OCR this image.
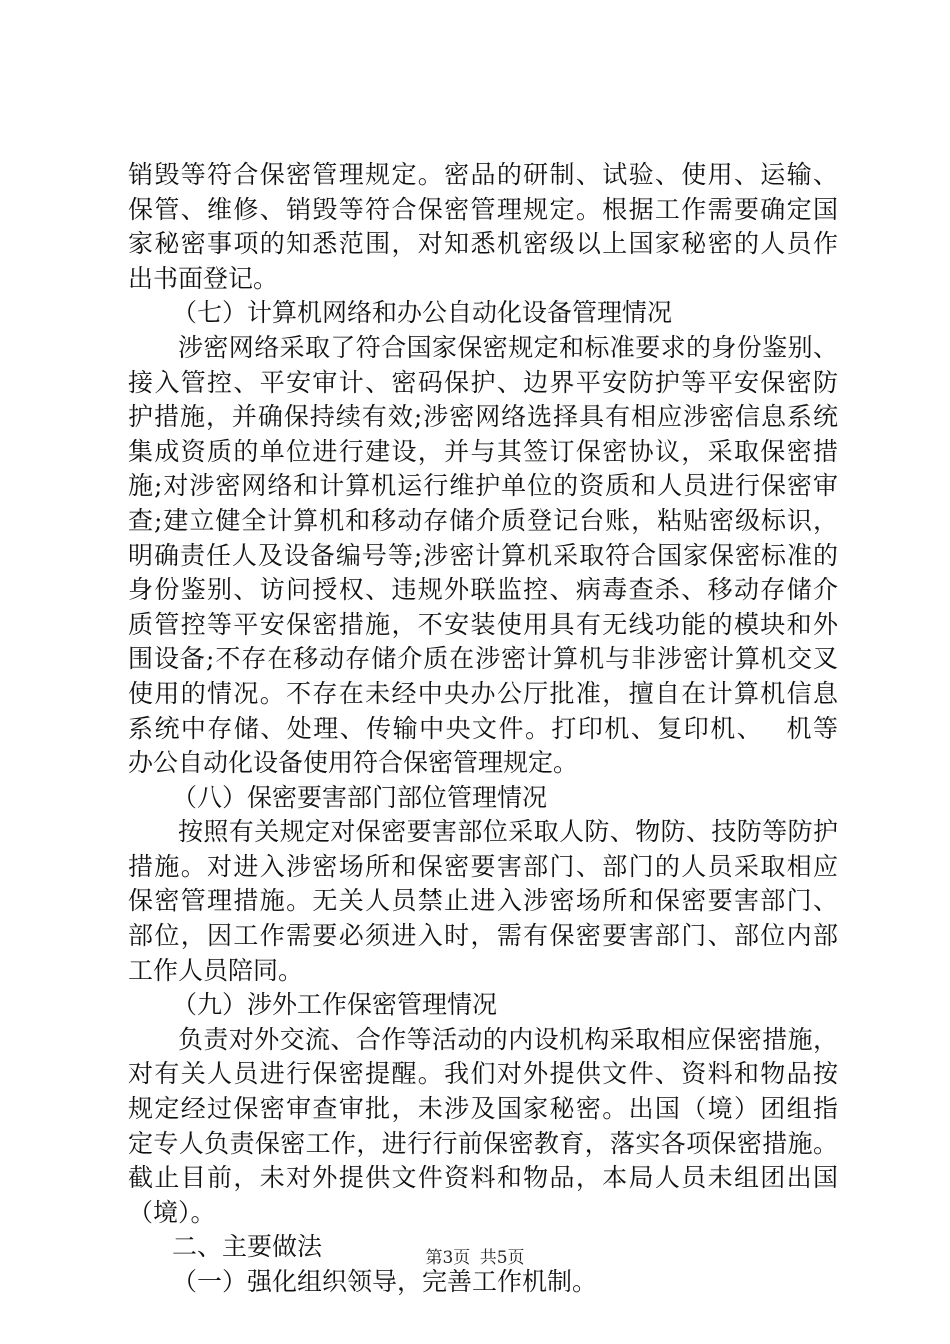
销毁等符合保密管理规定。密品的研制、试验、使用、运输、
保管、维修、销毁等符合保密管理规定。根据工作需要确定国
家秘密事项的知悉范围，对知悉机密级以上国家秘密的人员作
出书面登记。
（七）计算机网络和办公自动化设备管理情况
涉密网络采取了符合国家保密规定和标准要求的身份鉴别、
接入管控、平安审计、密码保护、边界平安防护等平安保密防
护措施，并确保持续有效;涉密网络选择具有相应涉密信息系统
集成资质的单位进行建设，并与其签订保密协议，采取保密措
施;对涉密网络和计算机运行维护单位的资质和人员进行保密审
查;建立健全计算机和移动存储介质登记台账，粘贴密级标识，
明确责任人及设备编号等;涉密计算机采取符合国家保密标准的
身份鉴别、访问授权、违规外联监控、病毒查杀、移动存储介
质管控等平安保密措施，不安装使用具有无线功能的模块和外
围设备;不存在移动存储介质在涉密计算机与非涉密计算机交叉
使用的情况。不存在未经中央办公厅批准，擅自在计算机信息
系统中存储、处理、传输中央文件。打印机、复印机、　 机等
办公自动化设备使用符合保密管理规定。
（八）保密要害部门部位管理情况
按照有关规定对保密要害部位采取人防、物防、技防等防护
措施。对进入涉密场所和保密要害部门、部门的人员采取相应
保密管理措施。无关人员禁止进入涉密场所和保密要害部门、
部位，因工作需要必须进入时，需有保密要害部门、部位内部
工作人员陪同。
（九）涉外工作保密管理情况
负责对外交流、合作等活动的内设机构采取相应保密措施，
对有关人员进行保密提醒。我们对外提供文件、资料和物品按
规定经过保密审查审批，未涉及国家秘密。出国（境）团组指
定专人负责保密工作，进行行前保密教育，落实各项保密措施。
截止目前，未对外提供文件资料和物品，本局人员未组团出国
（境）。
二、主要做法
（一）强化组织领导，完善工作机制。
第3页 共5页
